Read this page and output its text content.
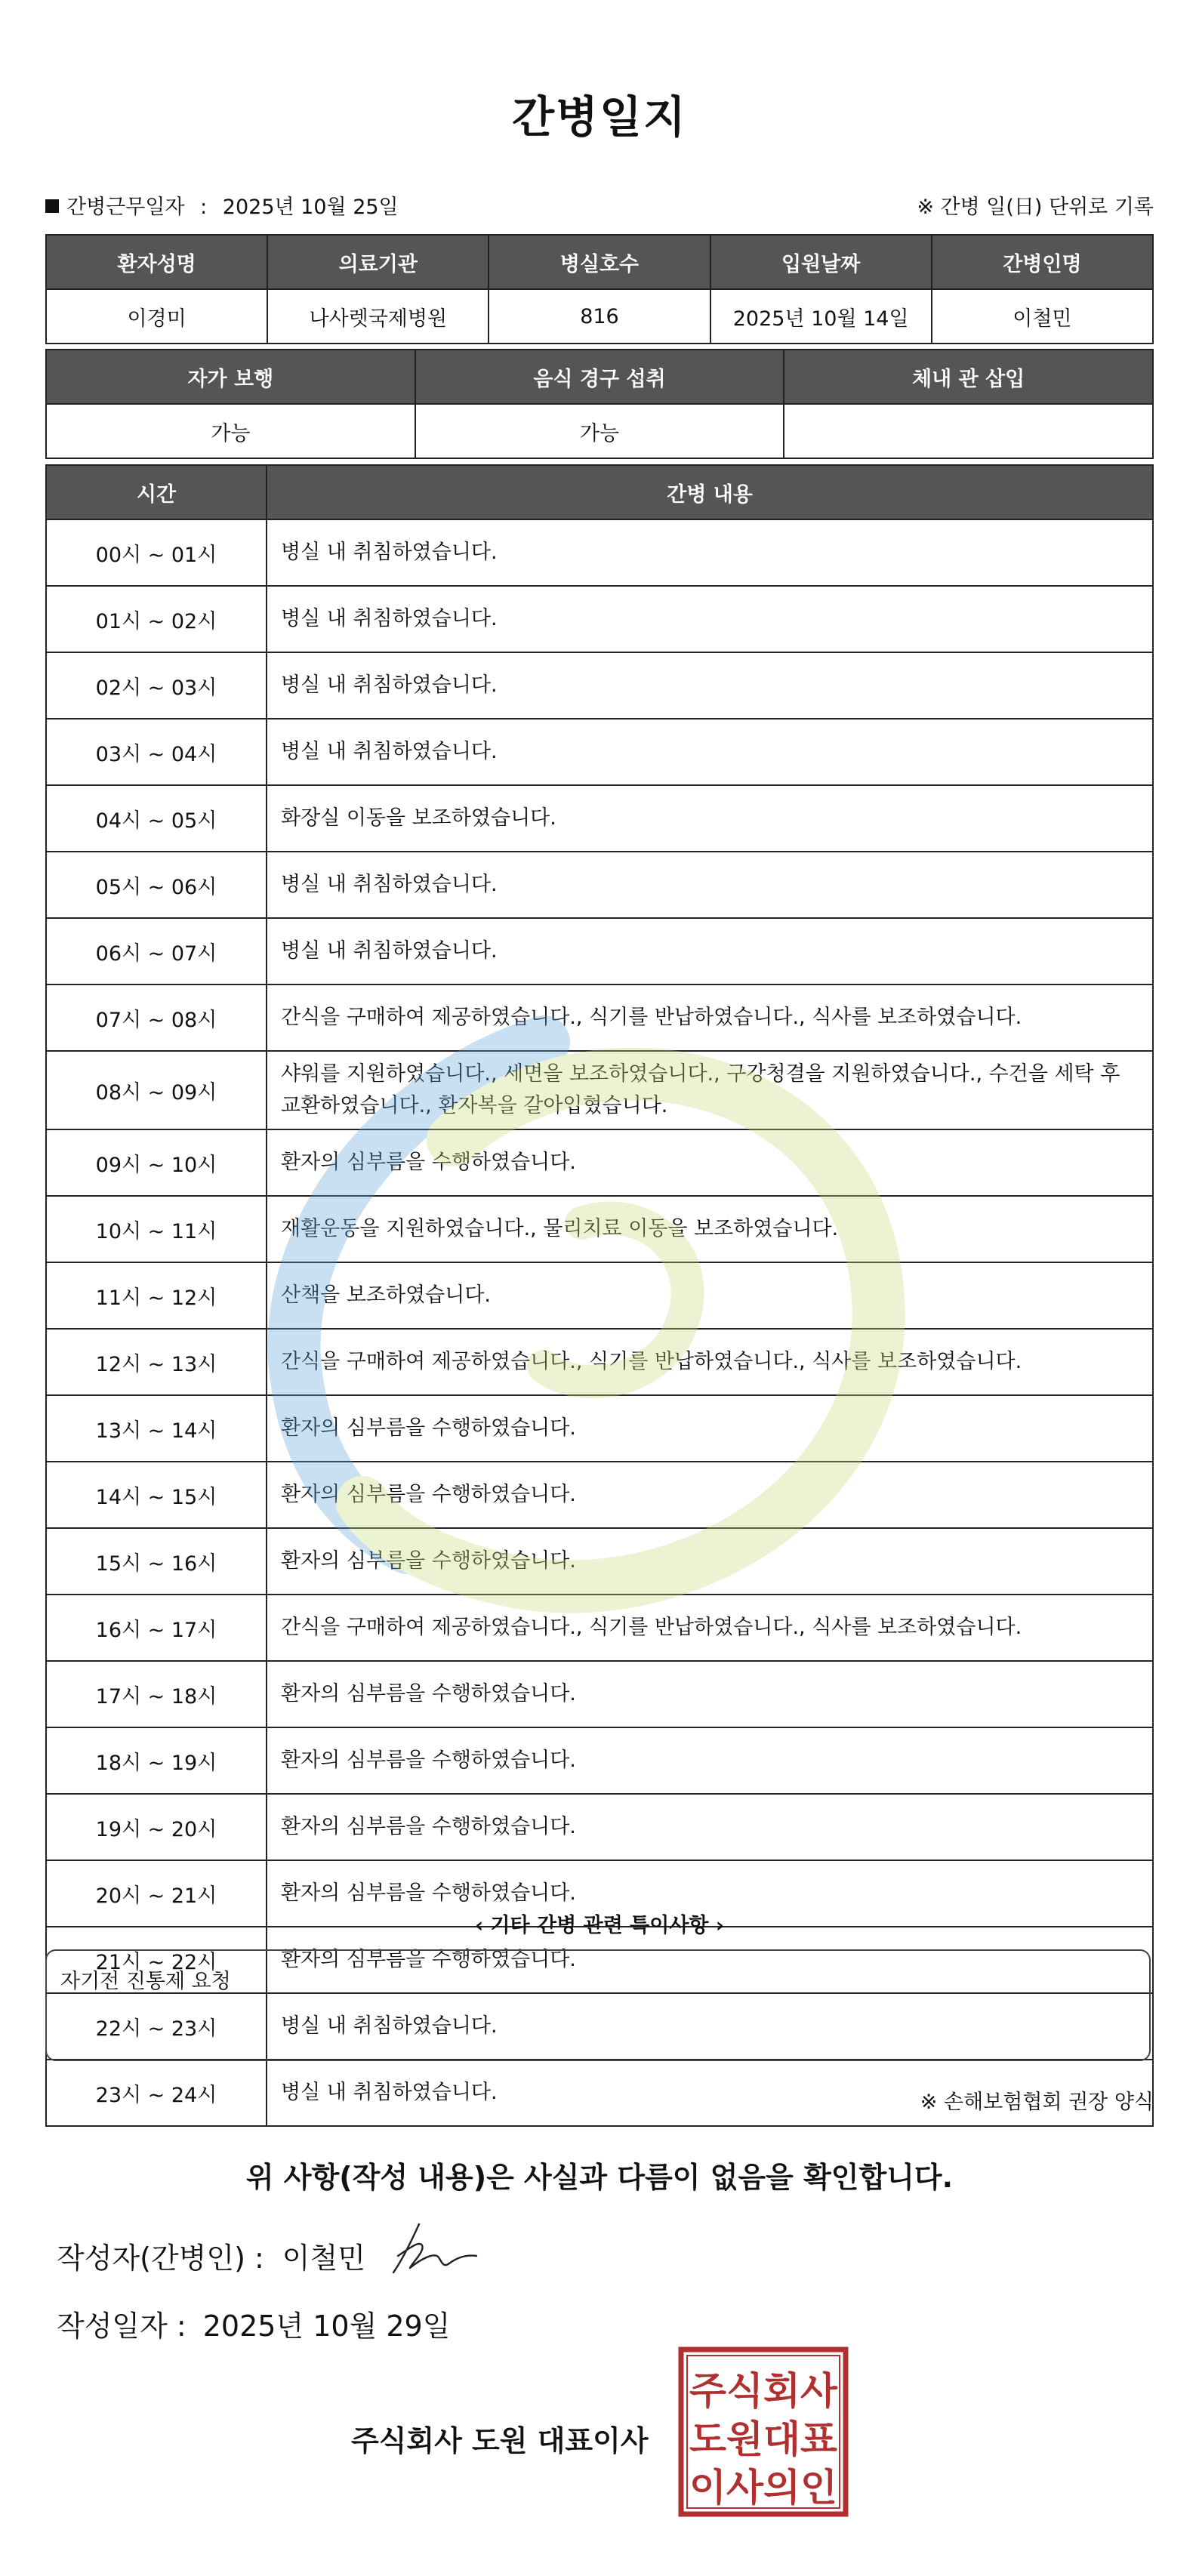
간병일지
간병근무일자 : 2025년 10월 25일	※ 간병 일(日) 단위로 기록
환자성명	의료기관	병실호수	입원날짜	간병인명
이경미	나사렛국제병원	816	2025년 10월 14일	이철민
자가 보행	음식 경구 섭취	체내 관 삽입
가능	가능	
시간	간병 내용
00시 ~ 01시	병실 내 취침하였습니다.
01시 ~ 02시	병실 내 취침하였습니다.
02시 ~ 03시	병실 내 취침하였습니다.
03시 ~ 04시	병실 내 취침하였습니다.
04시 ~ 05시	화장실 이동을 보조하였습니다.
05시 ~ 06시	병실 내 취침하였습니다.
06시 ~ 07시	병실 내 취침하였습니다.
07시 ~ 08시	간식을 구매하여 제공하였습니다., 식기를 반납하였습니다., 식사를 보조하였습니다.
08시 ~ 09시	샤워를 지원하였습니다., 세면을 보조하였습니다., 구강청결을 지원하였습니다., 수건을 세탁 후 교환하였습니다., 환자복을 갈아입혔습니다.
09시 ~ 10시	환자의 심부름을 수행하였습니다.
10시 ~ 11시	재활운동을 지원하였습니다., 물리치료 이동을 보조하였습니다.
11시 ~ 12시	산책을 보조하였습니다.
12시 ~ 13시	간식을 구매하여 제공하였습니다., 식기를 반납하였습니다., 식사를 보조하였습니다.
13시 ~ 14시	환자의 심부름을 수행하였습니다.
14시 ~ 15시	환자의 심부름을 수행하였습니다.
15시 ~ 16시	환자의 심부름을 수행하였습니다.
16시 ~ 17시	간식을 구매하여 제공하였습니다., 식기를 반납하였습니다., 식사를 보조하였습니다.
17시 ~ 18시	환자의 심부름을 수행하였습니다.
18시 ~ 19시	환자의 심부름을 수행하였습니다.
19시 ~ 20시	환자의 심부름을 수행하였습니다.
20시 ~ 21시	환자의 심부름을 수행하였습니다.
21시 ~ 22시	환자의 심부름을 수행하였습니다.
22시 ~ 23시	병실 내 취침하였습니다.
23시 ~ 24시	병실 내 취침하였습니다.
‹ 기타 간병 관련 특이사항 ›
자기전 진통제 요청
※ 손해보험협회 권장 양식
위 사항(작성 내용)은 사실과 다름이 없음을 확인합니다.
작성자(간병인) : 이철민
작성일자 : 2025년 10월 29일
주식회사 도원 대표이사
주식회사
도원대표
이사의인
